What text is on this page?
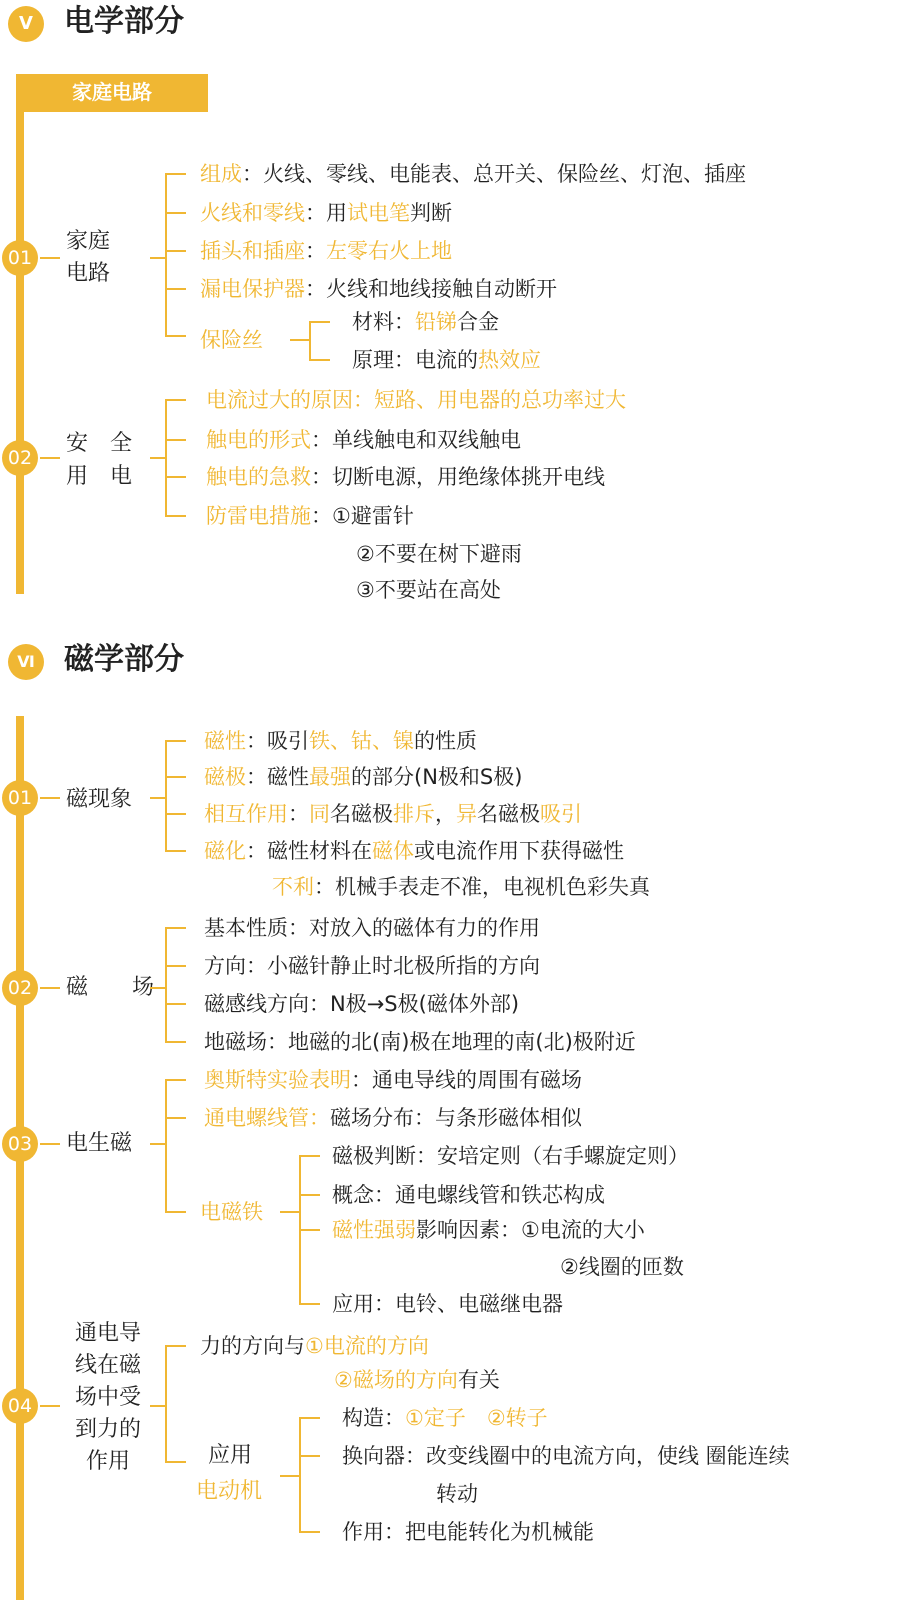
Ⅴ	电学部分
家庭电路
01
02
家庭
电路
安　全
用　电
Ⅵ 磁学部分
01
02
03
04
磁现象
磁　　场
电生磁
通电导
线在磁
场中受
到力的
作用	应用
电动机
组成：火线、零线、电能表、总开关、保险丝、灯泡、插座
火线和零线：用试电笔判断
插头和插座：左零右火上地
漏电保护器：火线和地线接触自动断开
保险丝
材料：铅锑合金
原理：电流的热效应
电流过大的原因：短路、用电器的总功率过大
触电的形式：单线触电和双线触电
触电的急救：切断电源，用绝缘体挑开电线
防雷电措施：①避雷针
②不要在树下避雨
③不要站在高处
磁性：吸引铁、钴、镍的性质
磁极：磁性最强的部分(N极和S极)
相互作用：同名磁极排斥，异名磁极吸引
磁化：磁性材料在磁体或电流作用下获得磁性
不利：机械手表走不准，电视机色彩失真
基本性质：对放入的磁体有力的作用
方向：小磁针静止时北极所指的方向
磁感线方向：N极→S极(磁体外部)
地磁场：地磁的北(南)极在地理的南(北)极附近
奥斯特实验表明：通电导线的周围有磁场
通电螺线管：磁场分布：与条形磁体相似
磁极判断：安培定则（右手螺旋定则）
电磁铁
概念：通电螺线管和铁芯构成
磁性强弱影响因素：①电流的大小
②线圈的匝数
应用：电铃、电磁继电器
力的方向与①电流的方向
②磁场的方向有关
构造：①定子　 ②转子
换向器：改变线圈中的电流方向，使线 圈能连续
转动
作用：把电能转化为机械能
